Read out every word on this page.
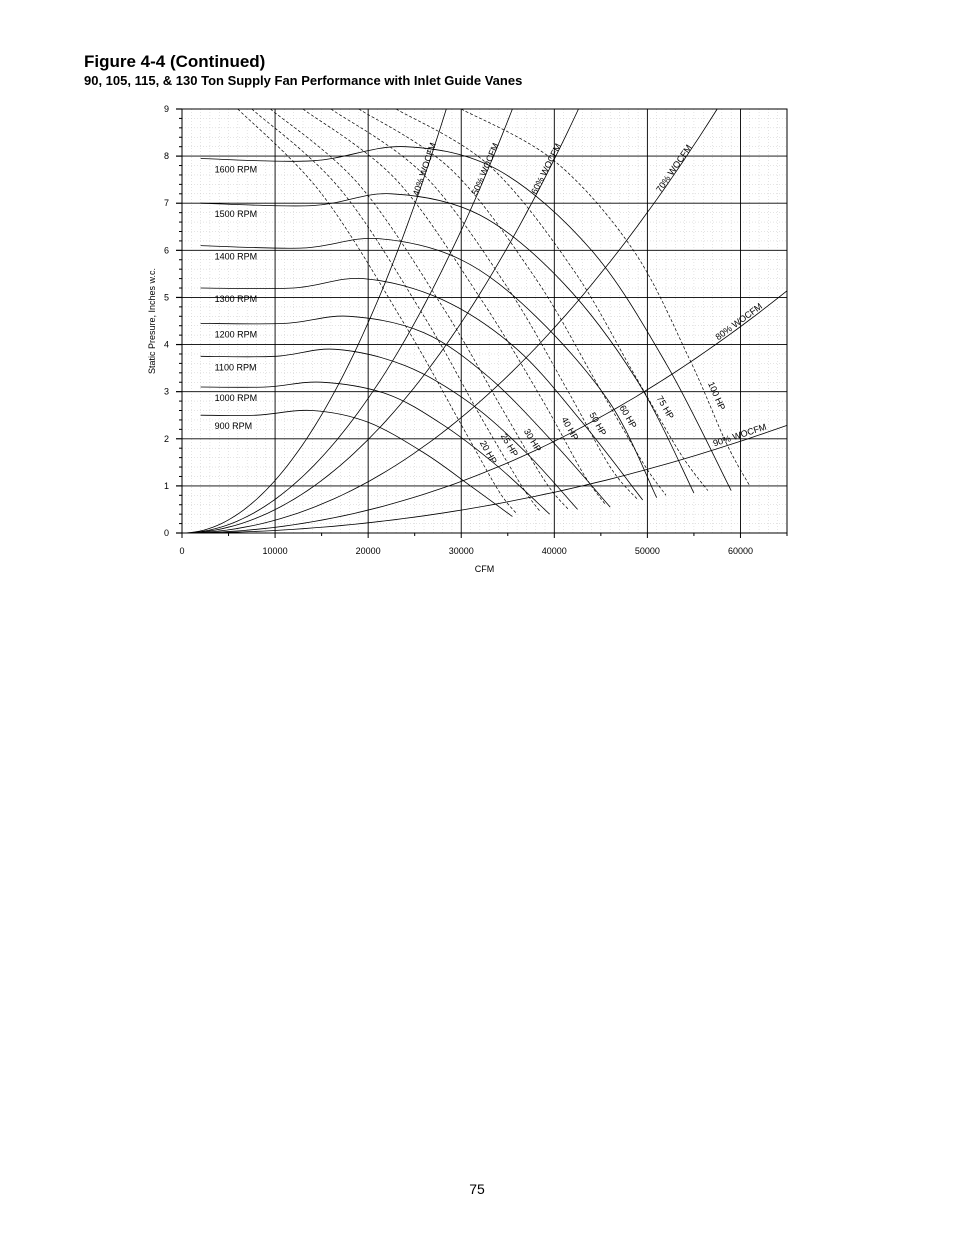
Figure 4-4 (Continued)
90, 105, 115, & 130 Ton Supply Fan Performance with Inlet Guide Vanes
0	10000	20000	30000	40000	50000	60000
0
1
2
3
4
5
6
7
8
9
900 RPM
1000 RPM
1100 RPM
1200 RPM
1300 RPM
1400 RPM
1500 RPM
1600 RPM
20 HP 25 HP 30 HP 40 HP 50 HP 60 HP 75 HP	100 HP
40% WOCFM	50% WOCFM	60% WOCFM	70% WOCFM
80% WOCFM
90% WOCFM
CFM
Static Presure, Inches w.c.
75
